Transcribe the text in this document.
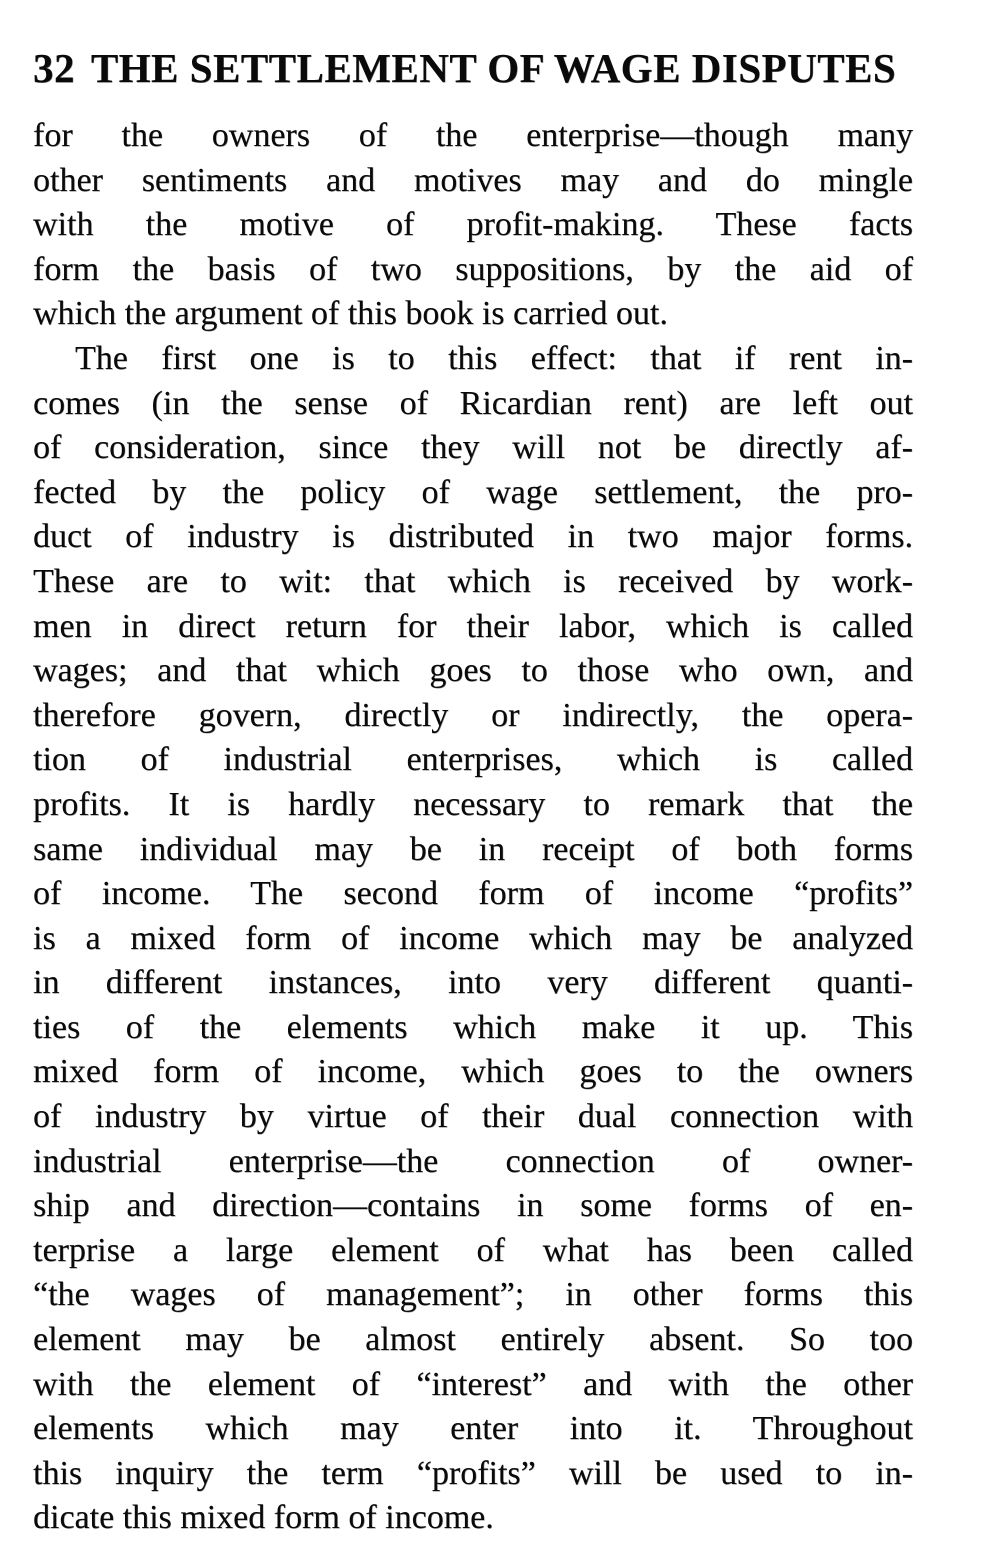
32 THE SETTLEMENT OF WAGE DISPUTES
for the owners of the enterprise—though many
other sentiments and motives may and do mingle
with the motive of profit-making. These facts
form the basis of two suppositions, by the aid of
which the argument of this book is carried out.
The first one is to this effect: that if rent in-
comes (in the sense of Ricardian rent) are left out
of consideration, since they will not be directly af-
fected by the policy of wage settlement, the pro-
duct of industry is distributed in two major forms.
These are to wit: that which is received by work-
men in direct return for their labor, which is called
wages; and that which goes to those who own, and
therefore govern, directly or indirectly, the opera-
tion of industrial enterprises, which is called
profits. It is hardly necessary to remark that the
same individual may be in receipt of both forms
of income. The second form of income “profits”
is a mixed form of income which may be analyzed
in different instances, into very different quanti-
ties of the elements which make it up. This
mixed form of income, which goes to the owners
of industry by virtue of their dual connection with
industrial enterprise—the connection of owner-
ship and direction—contains in some forms of en-
terprise a large element of what has been called
“the wages of management”; in other forms this
element may be almost entirely absent. So too
with the element of “interest” and with the other
elements which may enter into it. Throughout
this inquiry the term “profits” will be used to in-
dicate this mixed form of income.
